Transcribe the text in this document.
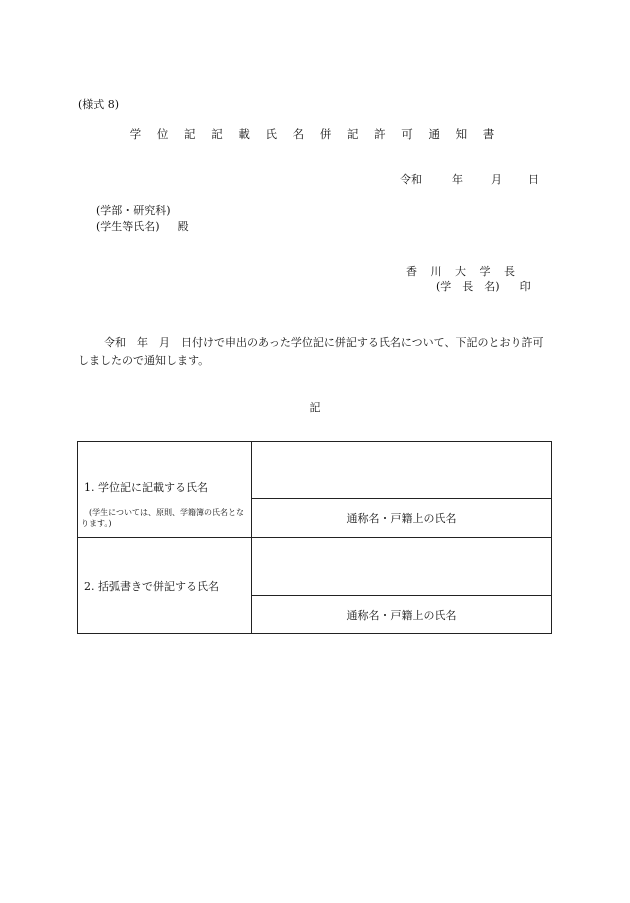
(様式 8)
学 位 記 記 載 氏 名 併 記 許 可 通 知 書
令和	年	月 日
(学部・研究科)
(学生等氏名) 殿
香 川 大 学 長
(学　長　名) 印
令和　年　月　日付けで申出のあった学位記に併記する氏名について、下記のとおり許可しましたので通知します。
記
1. 学位記に記載する氏名
(学生については、原則、学籍簿の氏名となります。)	

	通称名・戸籍上の氏名

2. 括弧書きで併記する氏名	

	通称名・戸籍上の氏名
